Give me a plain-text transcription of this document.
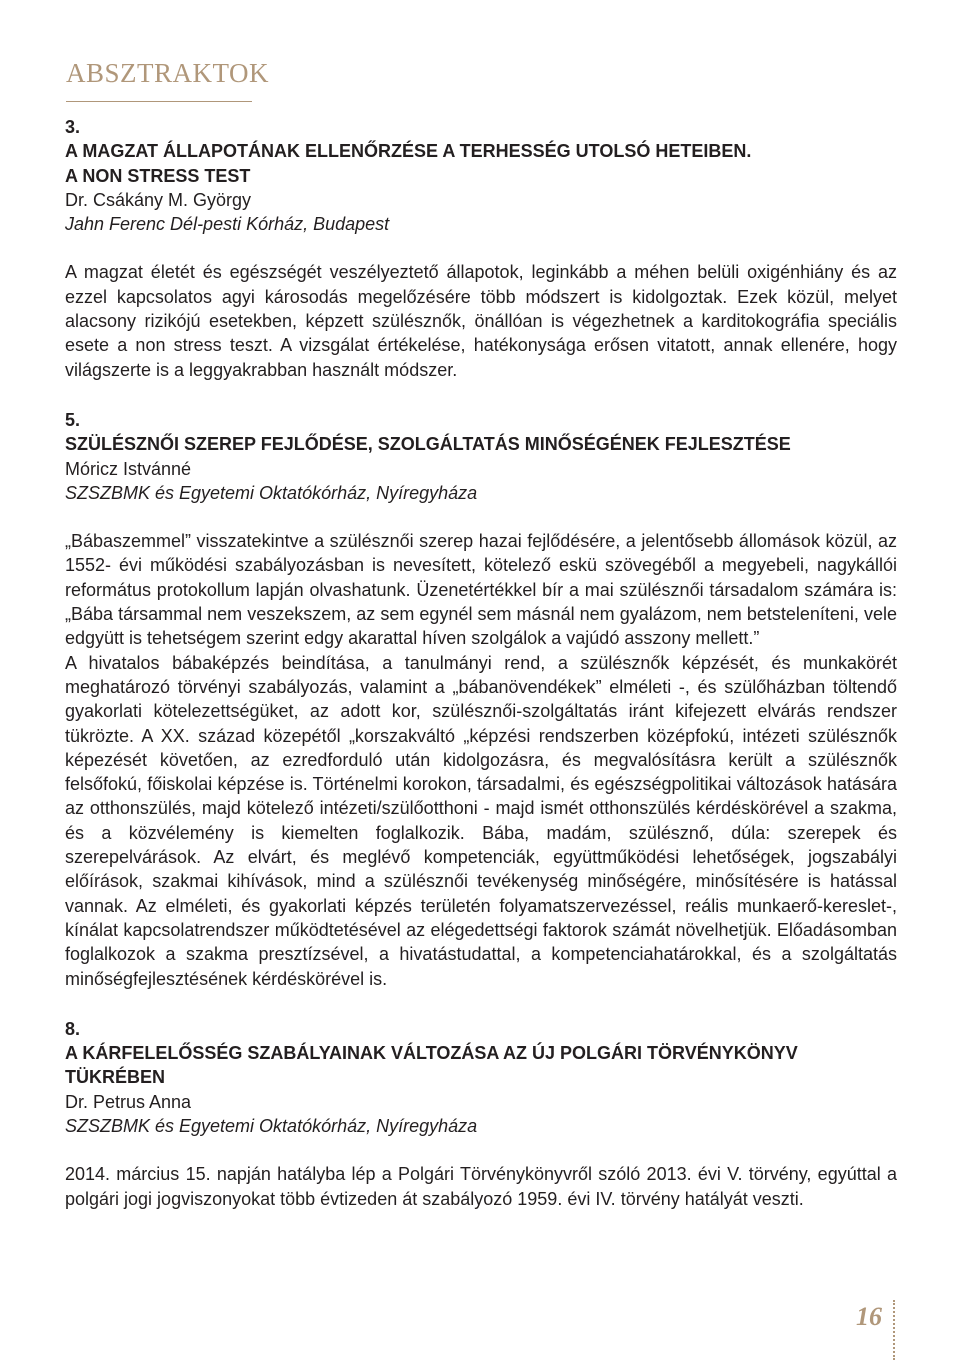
ABSZTRAKTOK

3.

A MAGZAT ÁLLAPOTÁNAK ELLENŐRZÉSE A TERHESSÉG UTOLSÓ HETEIBEN.

A NON STRESS TEST

Dr. Csákány M. György

Jahn Ferenc Dél-pesti Kórház, Budapest

A magzat életét és egészségét veszélyeztető állapotok, leginkább a méhen belüli oxigénhiány és az ezzel kapcsolatos agyi károsodás megelőzésére több módszert is kidolgoztak. Ezek közül, melyet alacsony rizikójú esetekben, képzett szülésznők, önállóan is végezhetnek a karditokográfia speciális esete a non stress teszt. A vizsgálat értékelése, hatékonysága erősen vitatott, annak ellenére, hogy világszerte is a leggyakrabban használt módszer.

5.

SZÜLÉSZNŐI SZEREP FEJLŐDÉSE, SZOLGÁLTATÁS MINŐSÉGÉNEK FEJLESZTÉSE

Móricz Istvánné

SZSZBMK és Egyetemi Oktatókórház, Nyíregyháza

„Bábaszemmel” visszatekintve a szülésznői szerep hazai fejlődésére, a jelentősebb állomások közül, az 1552- évi működési szabályozásban is nevesített, kötelező eskü szövegéből a megyebeli, nagykállói református protokollum lapján olvashatunk. Üzenetértékkel bír a mai szülésznői társadalom számára is: „Bába társammal nem veszekszem, az sem egynél sem másnál nem gyalázom, nem betsteleníteni, vele edgyütt is tehetségem szerint edgy akarattal híven szolgálok a vajúdó asszony mellett.”

A hivatalos bábaképzés beindítása, a tanulmányi rend, a szülésznők képzését, és munkakörét meghatározó törvényi szabályozás, valamint a „bábanövendékek” elméleti -, és szülőházban töltendő gyakorlati kötelezettségüket, az adott kor, szülésznői-szolgáltatás iránt kifejezett elvárás rendszer tükrözte. A XX. század közepétől „korszakváltó „képzési rendszerben középfokú, intézeti szülésznők képezését követően, az ezredforduló után kidolgozásra, és megvalósításra került a szülésznők felsőfokú, főiskolai képzése is. Történelmi korokon, társadalmi, és egészségpolitikai változások hatására az otthonszülés, majd kötelező intézeti/szülőotthoni - majd ismét otthonszülés kérdéskörével a szakma, és a közvélemény is kiemelten foglalkozik. Bába, madám, szülésznő, dúla: szerepek és szerepelvárások. Az elvárt, és meglévő kompetenciák, együttműködési lehetőségek, jogszabályi előírások, szakmai kihívások, mind a szülésznői tevékenység minőségére, minősítésére is hatással vannak. Az elméleti, és gyakorlati képzés területén folyamatszervezéssel, reális munkaerő-kereslet-, kínálat kapcsolatrendszer működtetésével az elégedettségi faktorok számát növelhetjük. Előadásomban foglalkozok a szakma presztízsével, a hivatástudattal, a kompetenciahatárokkal, és a szolgáltatás minőségfejlesztésének kérdéskörével is.

8.

A KÁRFELELŐSSÉG SZABÁLYAINAK VÁLTOZÁSA AZ ÚJ POLGÁRI TÖRVÉNYKÖNYV

TÜKRÉBEN

Dr. Petrus Anna

SZSZBMK és Egyetemi Oktatókórház, Nyíregyháza

2014. március 15. napján hatályba lép a Polgári Törvénykönyvről szóló 2013. évi V. törvény, egyúttal a polgári jogi jogviszonyokat több évtizeden át szabályozó 1959. évi IV. törvény hatályát veszti.

16
